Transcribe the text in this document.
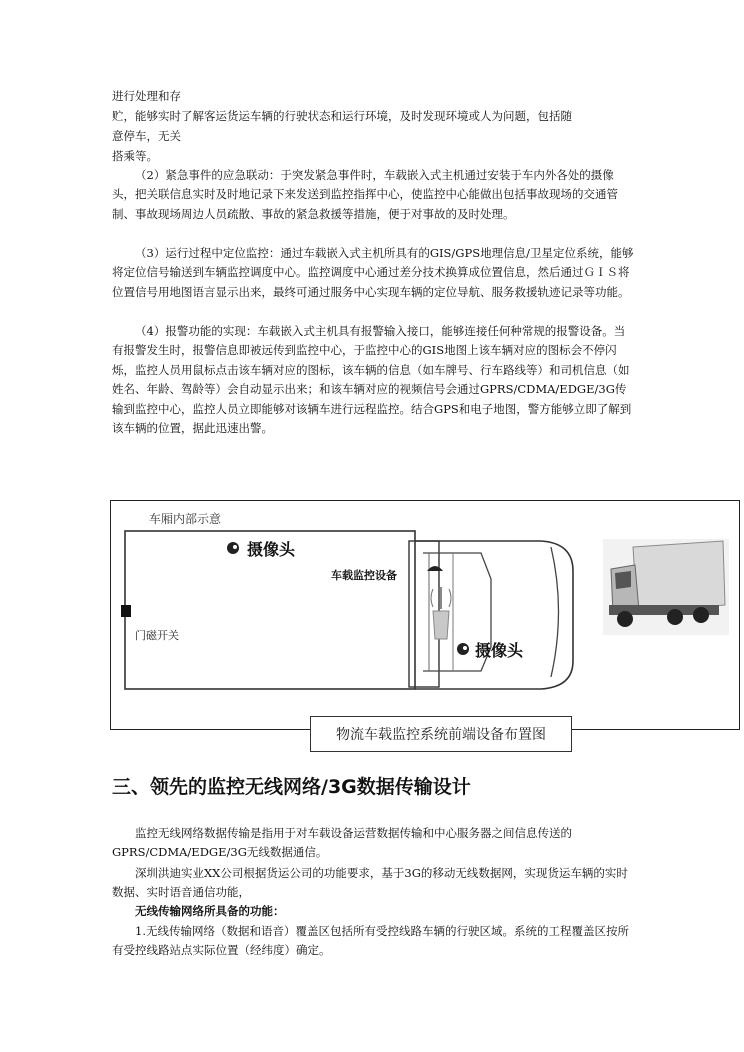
进行处理和存
贮，能够实时了解客运货运车辆的行驶状态和运行环境，及时发现环境或人为问题，包括随
意停车，无关
搭乘等。

（2）紧急事件的应急联动：于突发紧急事件时，车载嵌入式主机通过安装于车内外各处的摄像头，把关联信息实时及时地记录下来发送到监控指挥中心，使监控中心能做出包括事故现场的交通管制、事故现场周边人员疏散、事故的紧急救援等措施，便于对事故的及时处理。

（3）运行过程中定位监控：通过车载嵌入式主机所具有的GIS/GPS地理信息/卫星定位系统，能够将定位信号输送到车辆监控调度中心。监控调度中心通过差分技术换算成位置信息，然后通过ＧＩＳ将位置信号用地图语言显示出来，最终可通过服务中心实现车辆的定位导航、服务救援轨迹记录等功能。

（4）报警功能的实现：车载嵌入式主机具有报警输入接口，能够连接任何种常规的报警设备。当有报警发生时，报警信息即被远传到监控中心，于监控中心的GIS地图上该车辆对应的图标会不停闪烁，监控人员用鼠标点击该车辆对应的图标，该车辆的信息（如车牌号、行车路线等）和司机信息（如姓名、年龄、驾龄等）会自动显示出来；和该车辆对应的视频信号会通过GPRS/CDMA/EDGE/3G传输到监控中心，监控人员立即能够对该辆车进行远程监控。结合GPS和电子地图，警方能够立即了解到该车辆的位置，据此迅速出警。

车厢内部示意
门磁开关
摄像头
车载监控设备
摄像头
物流车载监控系统前端设备布置图
三、领先的监控无线网络/3G数据传输设计

监控无线网络数据传输是指用于对车载设备运营数据传输和中心服务器之间信息传送的GPRS/CDMA/EDGE/3G无线数据通信。

深圳洪迪实业XX公司根据货运公司的功能要求，基于3G的移动无线数据网，实现货运车辆的实时数据、实时语音通信功能，

无线传输网络所具备的功能：

1.无线传输网络（数据和语音）覆盖区包括所有受控线路车辆的行驶区域。系统的工程覆盖区按所有受控线路站点实际位置（经纬度）确定。
